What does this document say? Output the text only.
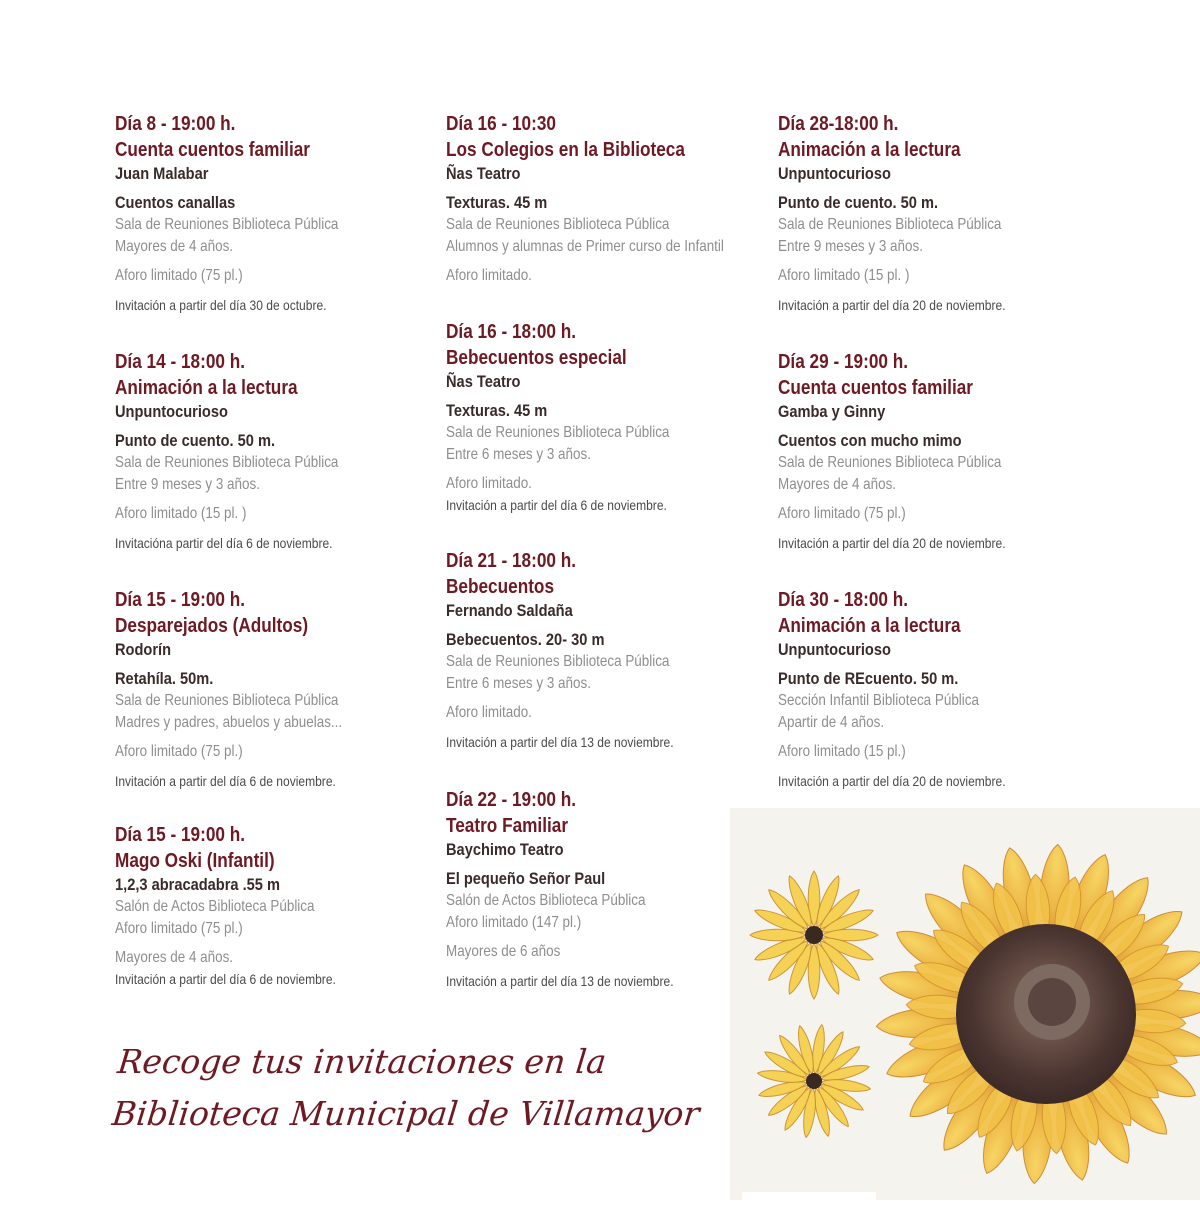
Día 8 - 19:00 h.
Cuenta cuentos familiar
Juan Malabar
Cuentos canallas
Sala de Reuniones Biblioteca Pública
Mayores de 4 años.
Aforo limitado (75 pl.)
Invitación a partir del día 30 de octubre.
Día 14 - 18:00 h.
Animación a la lectura
Unpuntocurioso
Punto de cuento. 50 m.
Sala de Reuniones Biblioteca Pública
Entre 9 meses y 3 años.
Aforo limitado (15 pl. )
Invitacióna partir del día 6 de noviembre.
Día 15 - 19:00 h.
Desparejados (Adultos)
Rodorín
Retahíla. 50m.
Sala de Reuniones Biblioteca Pública
Madres y padres, abuelos y abuelas...
Aforo limitado (75 pl.)
Invitación a partir del día 6 de noviembre.
Día 15 - 19:00 h.
Mago Oski (Infantil)
1,2,3 abracadabra .55 m
Salón de Actos Biblioteca Pública
Aforo limitado (75 pl.)
Mayores de 4 años.
Invitación a partir del día 6 de noviembre.
Día 16 - 10:30
Los Colegios en la Biblioteca
Ñas Teatro
Texturas. 45 m
Sala de Reuniones Biblioteca Pública
Alumnos y alumnas de Primer curso de Infantil
Aforo limitado.
Día 16 - 18:00 h.
Bebecuentos especial
Ñas Teatro
Texturas. 45 m
Sala de Reuniones Biblioteca Pública
Entre 6 meses y 3 años.
Aforo limitado.
Invitación a partir del día 6 de noviembre.
Día 21 - 18:00 h.
Bebecuentos
Fernando Saldaña
Bebecuentos. 20- 30 m
Sala de Reuniones Biblioteca Pública
Entre 6 meses y 3 años.
Aforo limitado.
Invitación a partir del día 13 de noviembre.
Día 22 - 19:00 h.
Teatro Familiar
Baychimo Teatro
El pequeño Señor Paul
Salón de Actos Biblioteca Pública
Aforo limitado (147 pl.)
Mayores de 6 años
Invitación a partir del día 13 de noviembre.
Día 28-18:00 h.
Animación a la lectura
Unpuntocurioso
Punto de cuento. 50 m.
Sala de Reuniones Biblioteca Pública
Entre 9 meses y 3 años.
Aforo limitado (15 pl. )
Invitación a partir del día 20 de noviembre.
Día 29 - 19:00 h.
Cuenta cuentos familiar
Gamba y Ginny
Cuentos con mucho mimo
Sala de Reuniones Biblioteca Pública
Mayores de 4 años.
Aforo limitado (75 pl.)
Invitación a partir del día 20 de noviembre.
Día 30 - 18:00 h.
Animación a la lectura
Unpuntocurioso
Punto de REcuento. 50 m.
Sección Infantil Biblioteca Pública
Apartir de 4 años.
Aforo limitado (15 pl.)
Invitación a partir del día 20 de noviembre.
Recoge tus invitaciones en la
Biblioteca Municipal de Villamayor
